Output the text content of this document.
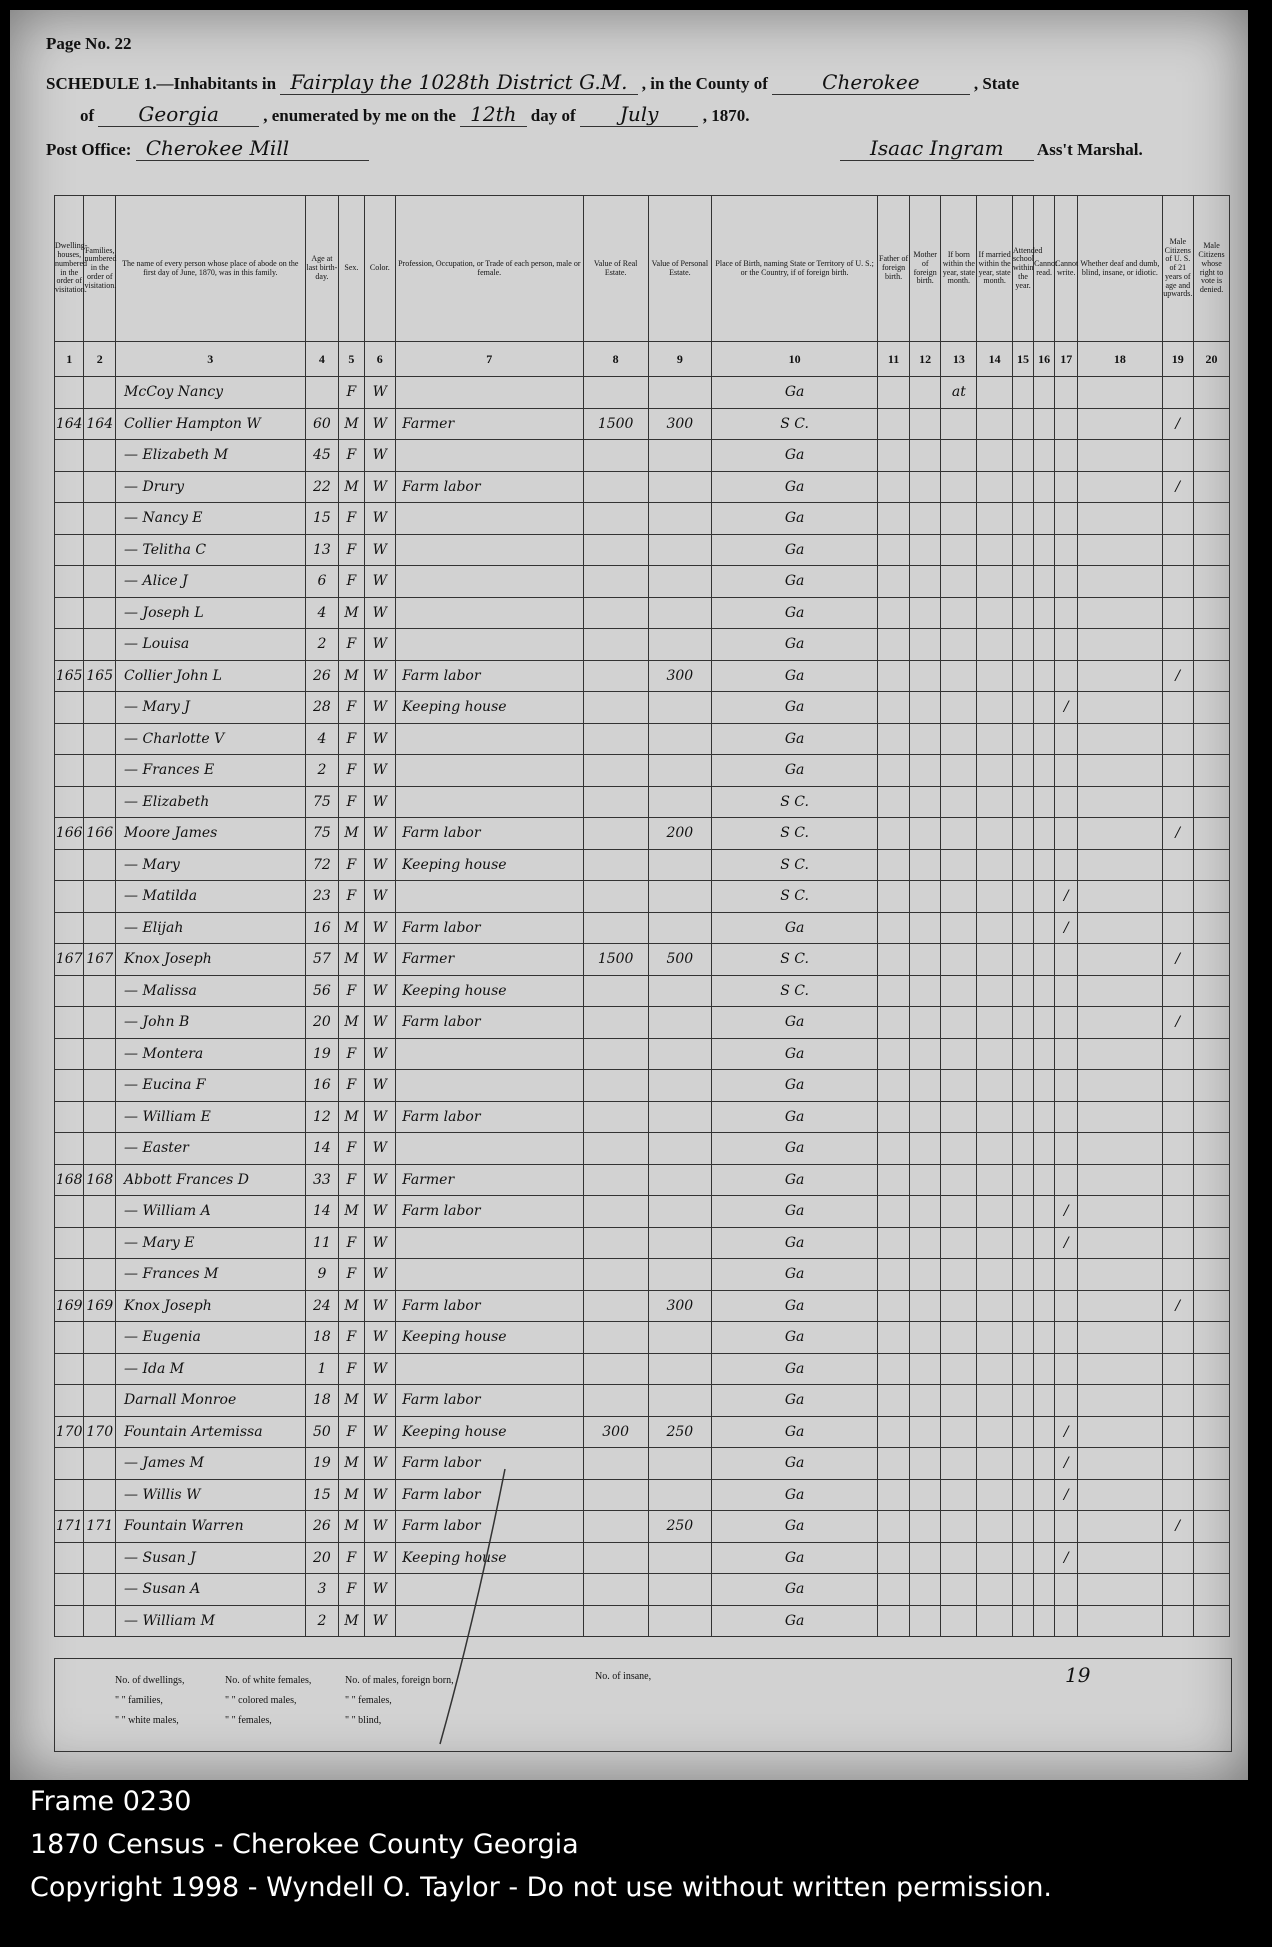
Page No. 22
SCHEDULE 1.—Inhabitants in Fairplay the 1028th District G.M. , in the County of	Cherokee	, State
of Georgia	, enumerated by me on the 12th day of July	, 1870.
Post Office: Cherokee Mill	Isaac Ingram Ass't Marshal.
Dwelling-houses, numbered in the order of visitation.	Families, numbered in the order of visitation.	The name of every person whose place of abode on the first day of June, 1870, was in this family.	Age at last birth-day.	Sex.	Color.	Profession, Occupation, or Trade of each person, male or female.	Value of Real Estate.	Value of Personal Estate.	Place of Birth, naming State or Territory of U. S.; or the Country, if of foreign birth.	Father of foreign birth.	Mother of foreign birth.	If born within the year, state month.	If married within the year, state month.	Attended school within the year.	Cannot read.	Cannot write.	Whether deaf and dumb, blind, insane, or idiotic.	Male Citizens of U. S. of 21 years of age and upwards.	Male Citizens whose right to vote is denied.
1	2	3	4	5	6	7	8	9	10	11	12	13	14	15	16	17	18	19	20
		McCoy Nancy		F	W				Ga			at							
164	164	Collier Hampton W	60	M	W	Farmer	1500	300	S C.									/	
		— Elizabeth M	45	F	W				Ga										
		— Drury	22	M	W	Farm labor			Ga									/	
		— Nancy E	15	F	W				Ga										
		— Telitha C	13	F	W				Ga										
		— Alice J	6	F	W				Ga										
		— Joseph L	4	M	W				Ga										
		— Louisa	2	F	W				Ga										
165	165	Collier John L	26	M	W	Farm labor		300	Ga									/	
		— Mary J	28	F	W	Keeping house			Ga							/			
		— Charlotte V	4	F	W				Ga										
		— Frances E	2	F	W				Ga										
		— Elizabeth	75	F	W				S C.										
166	166	Moore James	75	M	W	Farm labor		200	S C.									/	
		— Mary	72	F	W	Keeping house			S C.										
		— Matilda	23	F	W				S C.							/			
		— Elijah	16	M	W	Farm labor			Ga							/			
167	167	Knox Joseph	57	M	W	Farmer	1500	500	S C.									/	
		— Malissa	56	F	W	Keeping house			S C.										
		— John B	20	M	W	Farm labor			Ga									/	
		— Montera	19	F	W				Ga										
		— Eucina F	16	F	W				Ga										
		— William E	12	M	W	Farm labor			Ga										
		— Easter	14	F	W				Ga										
168	168	Abbott Frances D	33	F	W	Farmer			Ga										
		— William A	14	M	W	Farm labor			Ga							/			
		— Mary E	11	F	W				Ga							/			
		— Frances M	9	F	W				Ga										
169	169	Knox Joseph	24	M	W	Farm labor		300	Ga									/	
		— Eugenia	18	F	W	Keeping house			Ga										
		— Ida M	1	F	W				Ga										
		Darnall Monroe	18	M	W	Farm labor			Ga										
170	170	Fountain Artemissa	50	F	W	Keeping house	300	250	Ga							/			
		— James M	19	M	W	Farm labor			Ga							/			
		— Willis W	15	M	W	Farm labor			Ga							/			
171	171	Fountain Warren	26	M	W	Farm labor		250	Ga									/	
		— Susan J	20	F	W	Keeping house			Ga							/			
		— Susan A	3	F	W				Ga										
		— William M	2	M	W				Ga										
No. of dwellings,
" " families,
" " white males,
No. of white females,
" " colored males,
" " females,
No. of males, foreign born,
" " females,
" " blind,
No. of insane,	19
Frame 0230
1870 Census - Cherokee County Georgia
Copyright 1998 - Wyndell O. Taylor - Do not use without written permission.
